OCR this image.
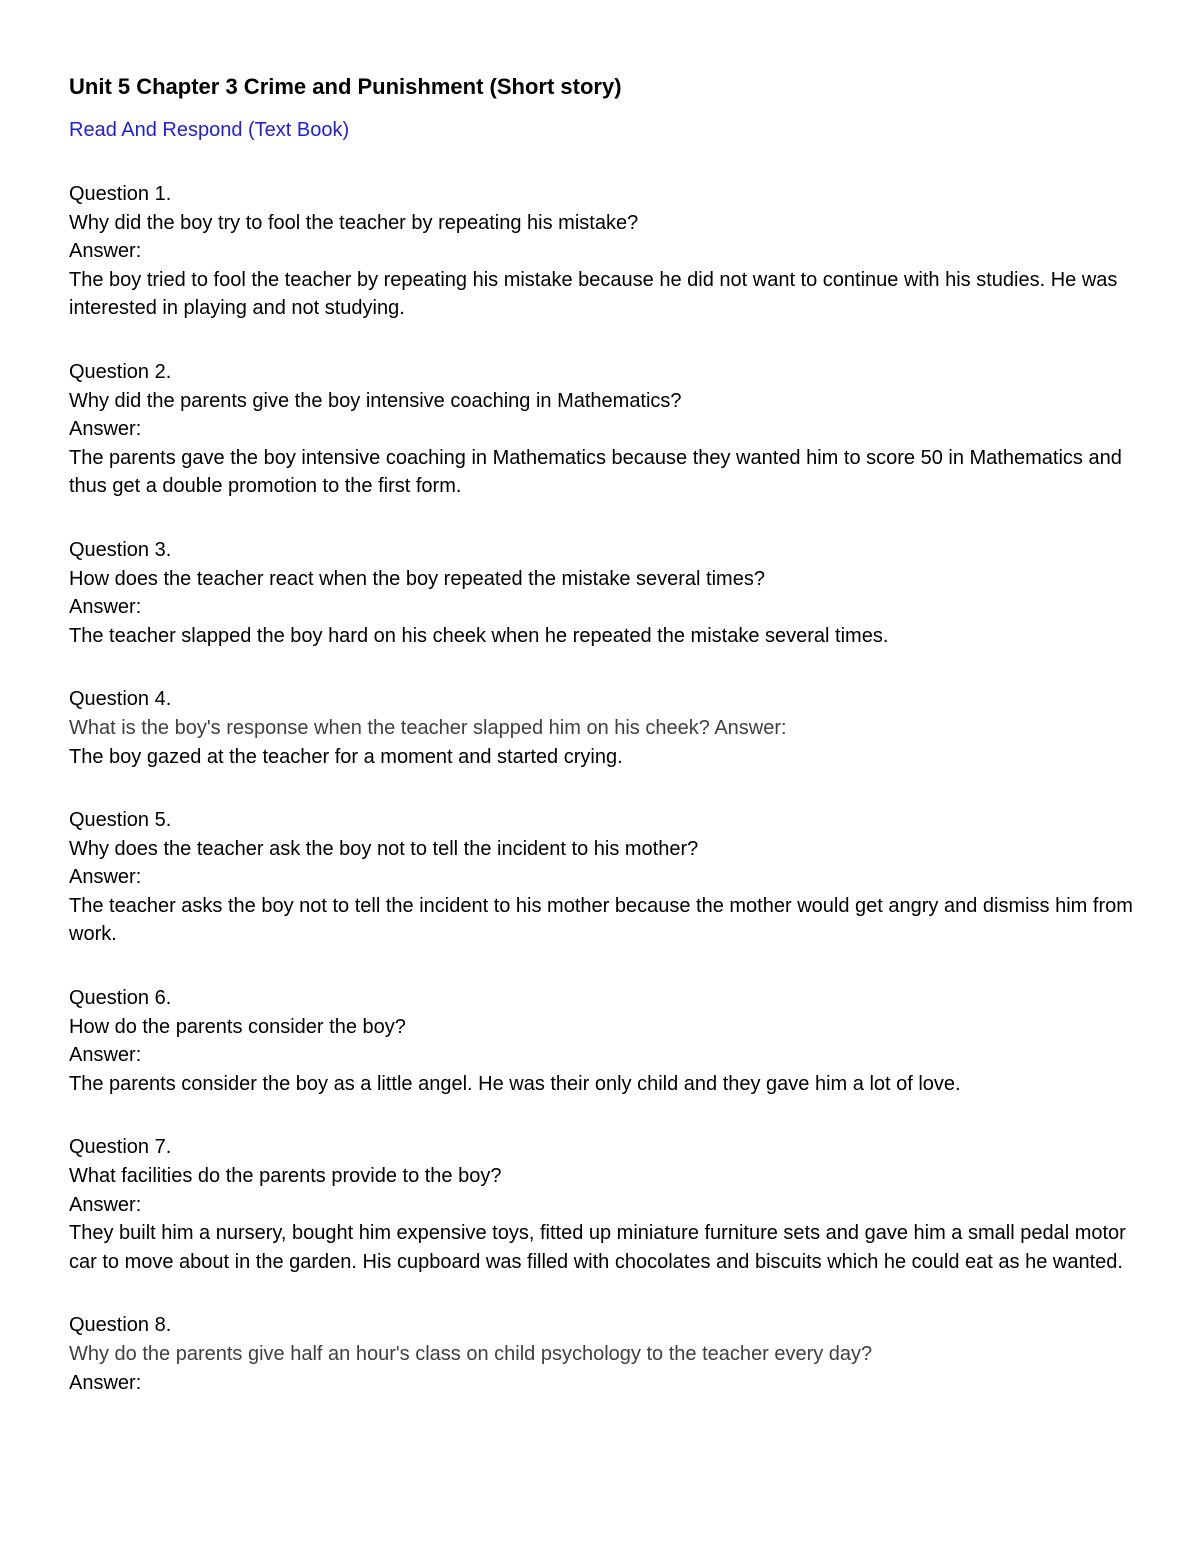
Unit 5 Chapter 3 Crime and Punishment (Short story)

Read And Respond (Text Book)

Question 1.

Why did the boy try to fool the teacher by repeating his mistake?

Answer:

The boy tried to fool the teacher by repeating his mistake because he did not want to continue with his studies. He was interested in playing and not studying.

Question 2.

Why did the parents give the boy intensive coaching in Mathematics?

Answer:

The parents gave the boy intensive coaching in Mathematics because they wanted him to score 50 in Mathematics and thus get a double promotion to the first form.

Question 3.

How does the teacher react when the boy repeated the mistake several times?

Answer:

The teacher slapped the boy hard on his cheek when he repeated the mistake several times.

Question 4.

What is the boy's response when the teacher slapped him on his cheek? Answer:

The boy gazed at the teacher for a moment and started crying.

Question 5.

Why does the teacher ask the boy not to tell the incident to his mother?

Answer:

The teacher asks the boy not to tell the incident to his mother because the mother would get angry and dismiss him from work.

Question 6.

How do the parents consider the boy?

Answer:

The parents consider the boy as a little angel. He was their only child and they gave him a lot of love.

Question 7.

What facilities do the parents provide to the boy?

Answer:

They built him a nursery, bought him expensive toys, fitted up miniature furniture sets and gave him a small pedal motor car to move about in the garden. His cupboard was filled with chocolates and biscuits which he could eat as he wanted.

Question 8.

Why do the parents give half an hour's class on child psychology to the teacher every day?

Answer:
